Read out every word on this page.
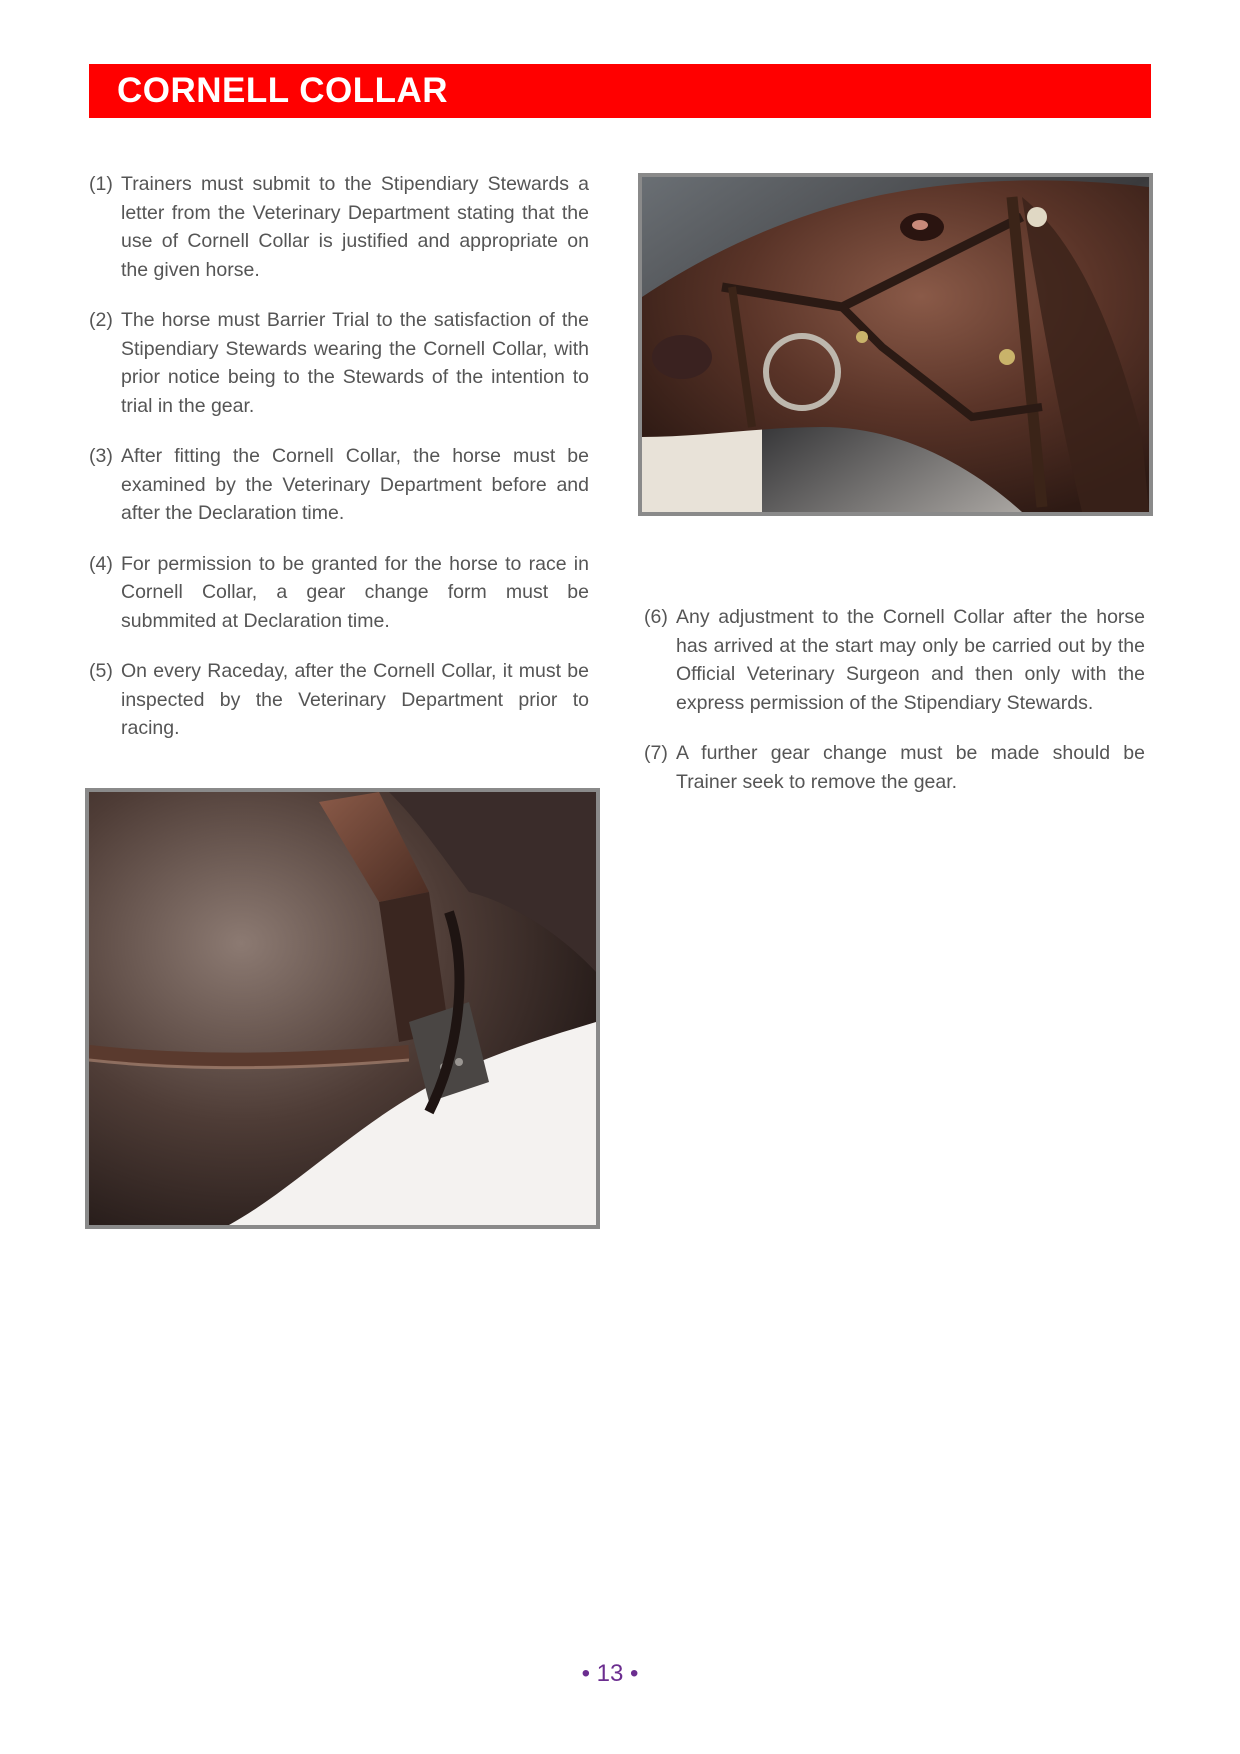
CORNELL COLLAR
(1) Trainers must submit to the Stipendiary Stewards a letter from the Veterinary Department stating that the use of Cornell Collar is justified and appropriate on the given horse.
(2) The horse must Barrier Trial to the satisfaction of the Stipendiary Stewards wearing the Cornell Collar, with prior notice being to the Stewards of the intention to trial in the gear.
(3) After fitting the Cornell Collar, the horse must be examined by the Veterinary Department before and after the Declaration time.
(4) For permission to be granted for the horse to race in Cornell Collar, a gear change form must be submmited at Declaration time.
(5) On every Raceday, after the Cornell Collar, it must be inspected by the Veterinary Department prior to racing.
(6) Any adjustment to the Cornell Collar after the horse has arrived at the start may only be carried out by the Official Veterinary Surgeon and then only with the express permission of the Stipendiary Stewards.
(7) A further gear change must be made should be Trainer seek to remove the gear.
• 13 •
